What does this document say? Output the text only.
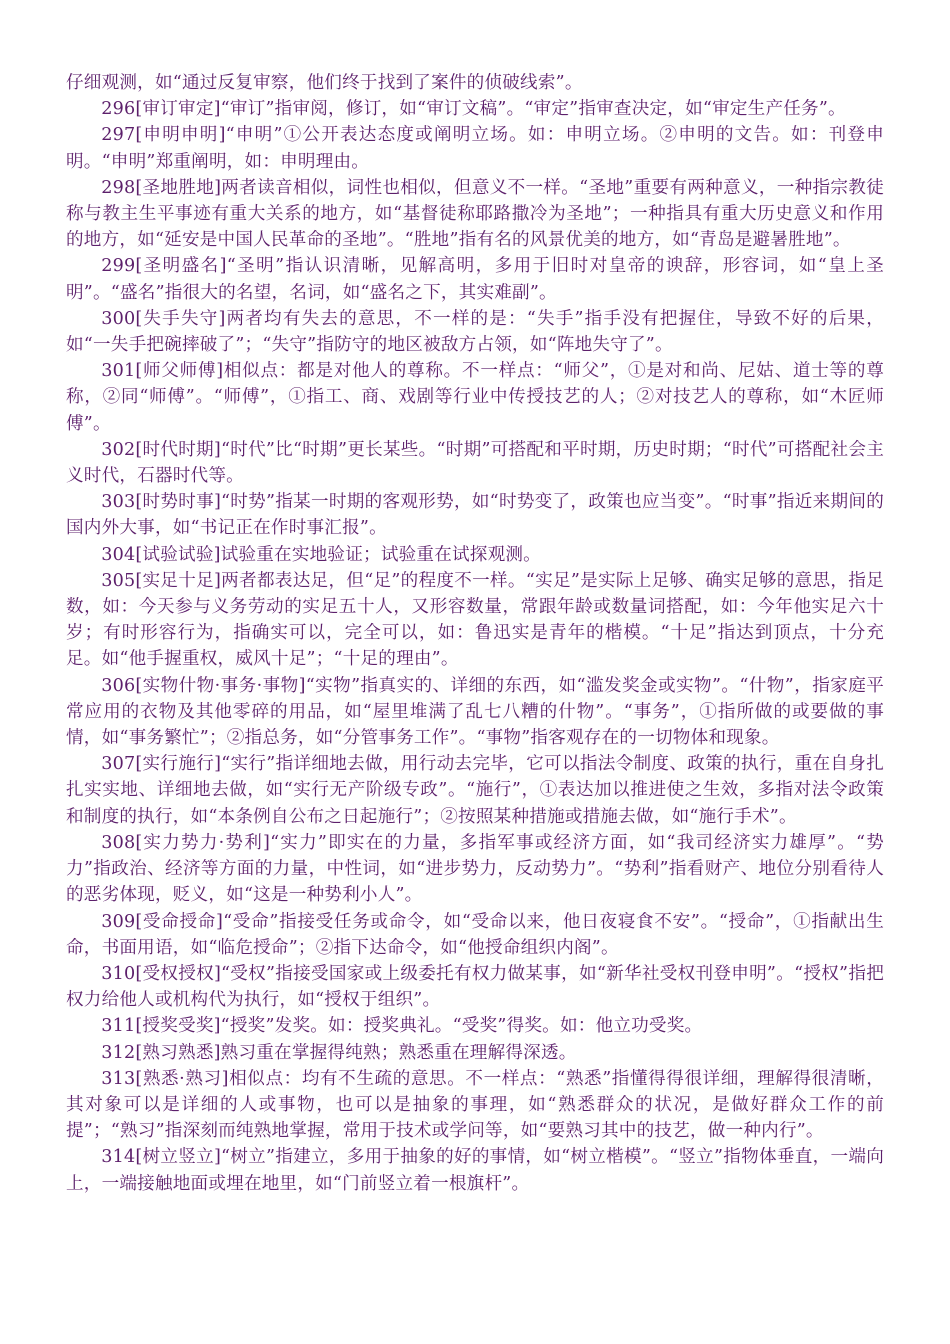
仔细观测，如“通过反复审察，他们终于找到了案件的侦破线索”。

296[审订审定]“审订”指审阅，修订，如“审订文稿”。“审定”指审查决定，如“审定生产任务”。

297[申明申明]“申明”①公开表达态度或阐明立场。如：申明立场。②申明的文告。如：刊登申明。“申明”郑重阐明，如：申明理由。

298[圣地胜地]两者读音相似，词性也相似，但意义不一样。“圣地”重要有两种意义，一种指宗教徒称与教主生平事迹有重大关系的地方，如“基督徒称耶路撒冷为圣地”；一种指具有重大历史意义和作用的地方，如“延安是中国人民革命的圣地”。“胜地”指有名的风景优美的地方，如“青岛是避暑胜地”。

299[圣明盛名]“圣明”指认识清晰，见解高明，多用于旧时对皇帝的谀辞，形容词，如“皇上圣明”。“盛名”指很大的名望，名词，如“盛名之下，其实难副”。

300[失手失守]两者均有失去的意思，不一样的是：“失手”指手没有把握住，导致不好的后果，如“一失手把碗摔破了”；“失守”指防守的地区被敌方占领，如“阵地失守了”。

301[师父师傅]相似点：都是对他人的尊称。不一样点：“师父”，①是对和尚、尼姑、道士等的尊称，②同“师傅”。“师傅”，①指工、商、戏剧等行业中传授技艺的人；②对技艺人的尊称，如“木匠师傅”。

302[时代时期]“时代”比“时期”更长某些。“时期”可搭配和平时期，历史时期；“时代”可搭配社会主义时代，石器时代等。

303[时势时事]“时势”指某一时期的客观形势，如“时势变了，政策也应当变”。“时事”指近来期间的国内外大事，如“书记正在作时事汇报”。

304[试验试验]试验重在实地验证；试验重在试探观测。

305[实足十足]两者都表达足，但“足”的程度不一样。“实足”是实际上足够、确实足够的意思，指足数，如：今天参与义务劳动的实足五十人，又形容数量，常跟年龄或数量词搭配，如：今年他实足六十岁；有时形容行为，指确实可以，完全可以，如：鲁迅实是青年的楷模。“十足”指达到顶点，十分充足。如“他手握重权，威风十足”；“十足的理由”。

306[实物什物·事务·事物]“实物”指真实的、详细的东西，如“滥发奖金或实物”。“什物”，指家庭平常应用的衣物及其他零碎的用品，如“屋里堆满了乱七八糟的什物”。“事务”，①指所做的或要做的事情，如“事务繁忙”；②指总务，如“分管事务工作”。“事物”指客观存在的一切物体和现象。

307[实行施行]“实行”指详细地去做，用行动去完毕，它可以指法令制度、政策的执行，重在自身扎扎实实地、详细地去做，如“实行无产阶级专政”。“施行”，①表达加以推进使之生效，多指对法令政策和制度的执行，如“本条例自公布之日起施行”；②按照某种措施或措施去做，如“施行手术”。

308[实力势力·势利]“实力”即实在的力量，多指军事或经济方面，如“我司经济实力雄厚”。“势力”指政治、经济等方面的力量，中性词，如“进步势力，反动势力”。“势利”指看财产、地位分别看待人的恶劣体现，贬义，如“这是一种势利小人”。

309[受命授命]“受命”指接受任务或命令，如“受命以来，他日夜寝食不安”。“授命”，①指献出生命，书面用语，如“临危授命”；②指下达命令，如“他授命组织内阁”。

310[受权授权]“受权”指接受国家或上级委托有权力做某事，如“新华社受权刊登申明”。“授权”指把权力给他人或机构代为执行，如“授权于组织”。

311[授奖受奖]“授奖”发奖。如：授奖典礼。“受奖”得奖。如：他立功受奖。

312[熟习熟悉]熟习重在掌握得纯熟；熟悉重在理解得深透。

313[熟悉·熟习]相似点：均有不生疏的意思。不一样点：“熟悉”指懂得得很详细，理解得很清晰，其对象可以是详细的人或事物，也可以是抽象的事理，如“熟悉群众的状况，是做好群众工作的前提”；“熟习”指深刻而纯熟地掌握，常用于技术或学问等，如“要熟习其中的技艺，做一种内行”。

314[树立竖立]“树立”指建立，多用于抽象的好的事情，如“树立楷模”。“竖立”指物体垂直，一端向上，一端接触地面或埋在地里，如“门前竖立着一根旗杆”。
